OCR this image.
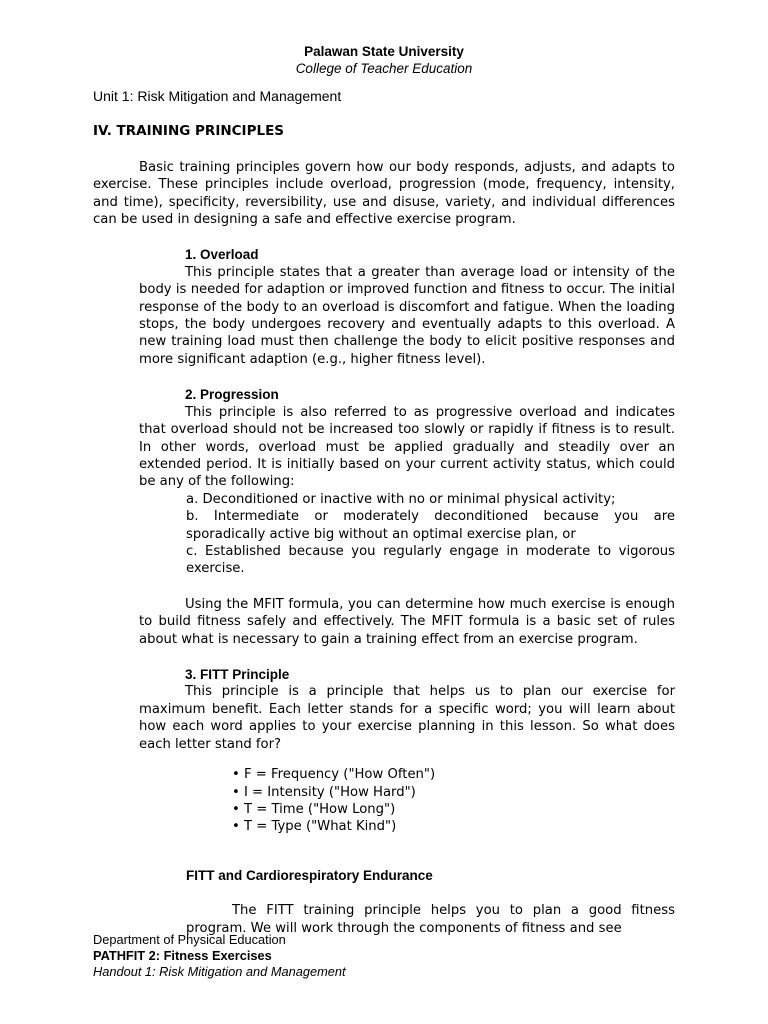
Palawan State University
College of Teacher Education

Unit 1: Risk Mitigation and Management

IV. TRAINING PRINCIPLES

Basic training principles govern how our body responds, adjusts, and adapts to exercise. These principles include overload, progression (mode, frequency, intensity, and time), specificity, reversibility, use and disuse, variety, and individual differences can be used in designing a safe and effective exercise program.

1. Overload

This principle states that a greater than average load or intensity of the body is needed for adaption or improved function and fitness to occur. The initial response of the body to an overload is discomfort and fatigue. When the loading stops, the body undergoes recovery and eventually adapts to this overload. A new training load must then challenge the body to elicit positive responses and more significant adaption (e.g., higher fitness level).

2. Progression

This principle is also referred to as progressive overload and indicates that overload should not be increased too slowly or rapidly if fitness is to result. In other words, overload must be applied gradually and steadily over an extended period. It is initially based on your current activity status, which could be any of the following:

a. Deconditioned or inactive with no or minimal physical activity;

b. Intermediate or moderately deconditioned because you are sporadically active big without an optimal exercise plan, or

c. Established because you regularly engage in moderate to vigorous exercise.

Using the MFIT formula, you can determine how much exercise is enough to build fitness safely and effectively. The MFIT formula is a basic set of rules about what is necessary to gain a training effect from an exercise program.

3. FITT Principle

This principle is a principle that helps us to plan our exercise for maximum benefit. Each letter stands for a specific word; you will learn about how each word applies to your exercise planning in this lesson. So what does each letter stand for?

• F = Frequency ("How Often")
• I = Intensity ("How Hard")
• T = Time ("How Long")
• T = Type ("What Kind")

FITT and Cardiorespiratory Endurance

The FITT training principle helps you to plan a good fitness program. We will work through the components of fitness and see

Department of Physical Education
PATHFIT 2: Fitness Exercises
Handout 1: Risk Mitigation and Management
